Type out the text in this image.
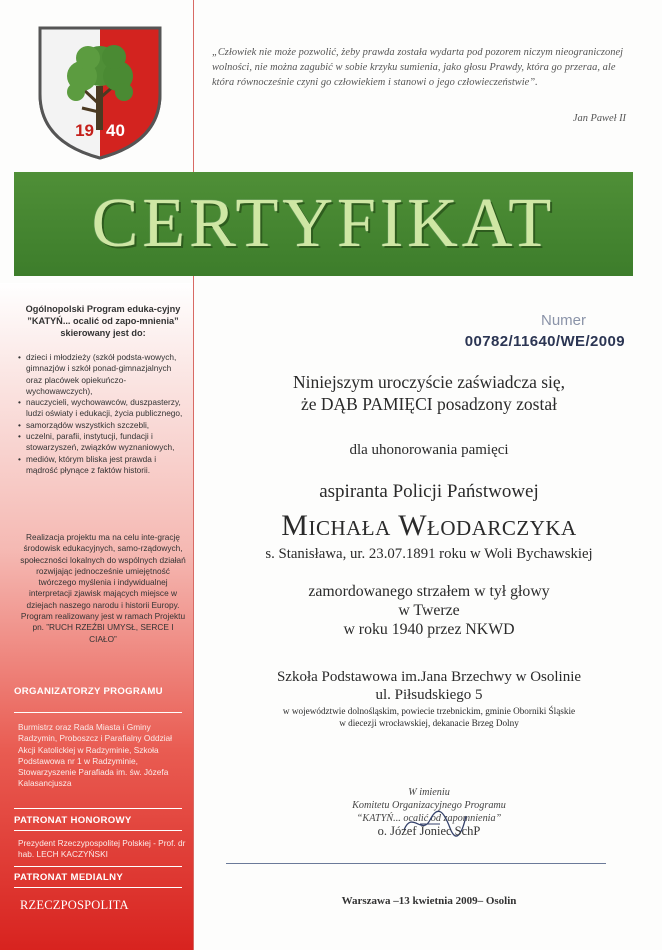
19 40
„Człowiek nie może pozwolić, żeby prawda została wydarta pod pozorem niczym nieograniczonej wolności, nie można zagubić w sobie krzyku sumienia, jako głosu Prawdy, która go przeraa, ale która równocześnie czyni go człowiekiem i stanowi o jego człowieczeństwie”.
Jan Paweł II
CERTYFIKAT
Ogólnopolski Program eduka-cyjny ”KATYŃ... ocalić od zapo-mnienia” skierowany jest do:
• dzieci i młodzieży (szkół podsta-wowych, gimnazjów i szkół ponad-gimnazjalnych oraz placówek opiekuńczo-wychowawczych),
• nauczycieli, wychowawców, duszpasterzy, ludzi oświaty i edukacji, życia publicznego,
• samorządów wszystkich szczebli,
• uczelni, parafii, instytucji, fundacji i stowarzyszeń, związków wyznaniowych,
• mediów, którym bliska jest prawda i mądrość płynące z faktów historii.
Realizacja projektu ma na celu inte-grację środowisk edukacyjnych, samo-rządowych, społeczności lokalnych do wspólnych działań rozwijając jednocześnie umiejętność twórczego myślenia i indywidualnej interpretacji zjawisk mających miejsce w dziejach naszego narodu i historii Europy. Program realizowany jest w ramach Projektu pn. ”RUCH RZEŹBI UMYSŁ, SERCE I CIAŁO”
ORGANIZATORZY PROGRAMU
Burmistrz oraz Rada Miasta i Gminy Radzymin, Proboszcz i Parafialny Oddział Akcji Katolickiej w Radzyminie, Szkoła Podstawowa nr 1 w Radzyminie, Stowarzyszenie Parafiada im. św. Józefa Kalasancjusza
PATRONAT HONOROWY
Prezydent Rzeczypospolitej Polskiej - Prof. dr hab. LECH KACZYŃSKI
PATRONAT MEDIALNY
RZECZPOSPOLITA
Numer
00782/11640/WE/2009
Niniejszym uroczyście zaświadcza się,
że DĄB PAMIĘCI posadzony został
dla uhonorowania pamięci
aspiranta Policji Państwowej
Michała Włodarczyka
s. Stanisława, ur. 23.07.1891 roku w Woli Bychawskiej
zamordowanego strzałem w tył głowy
w Twerze
w roku 1940 przez NKWD
Szkoła Podstawowa im.Jana Brzechwy w Osolinie
ul. Piłsudskiego 5
w województwie dolnośląskim, powiecie trzebnickim, gminie Oborniki Śląskie
w diecezji wrocławskiej, dekanacie Brzeg Dolny
W imieniu
Komitetu Organizacyjnego Programu
“KATYŃ... ocalić od zapomnienia”
o. Józef Joniec SchP
Warszawa –13 kwietnia 2009– Osolin
